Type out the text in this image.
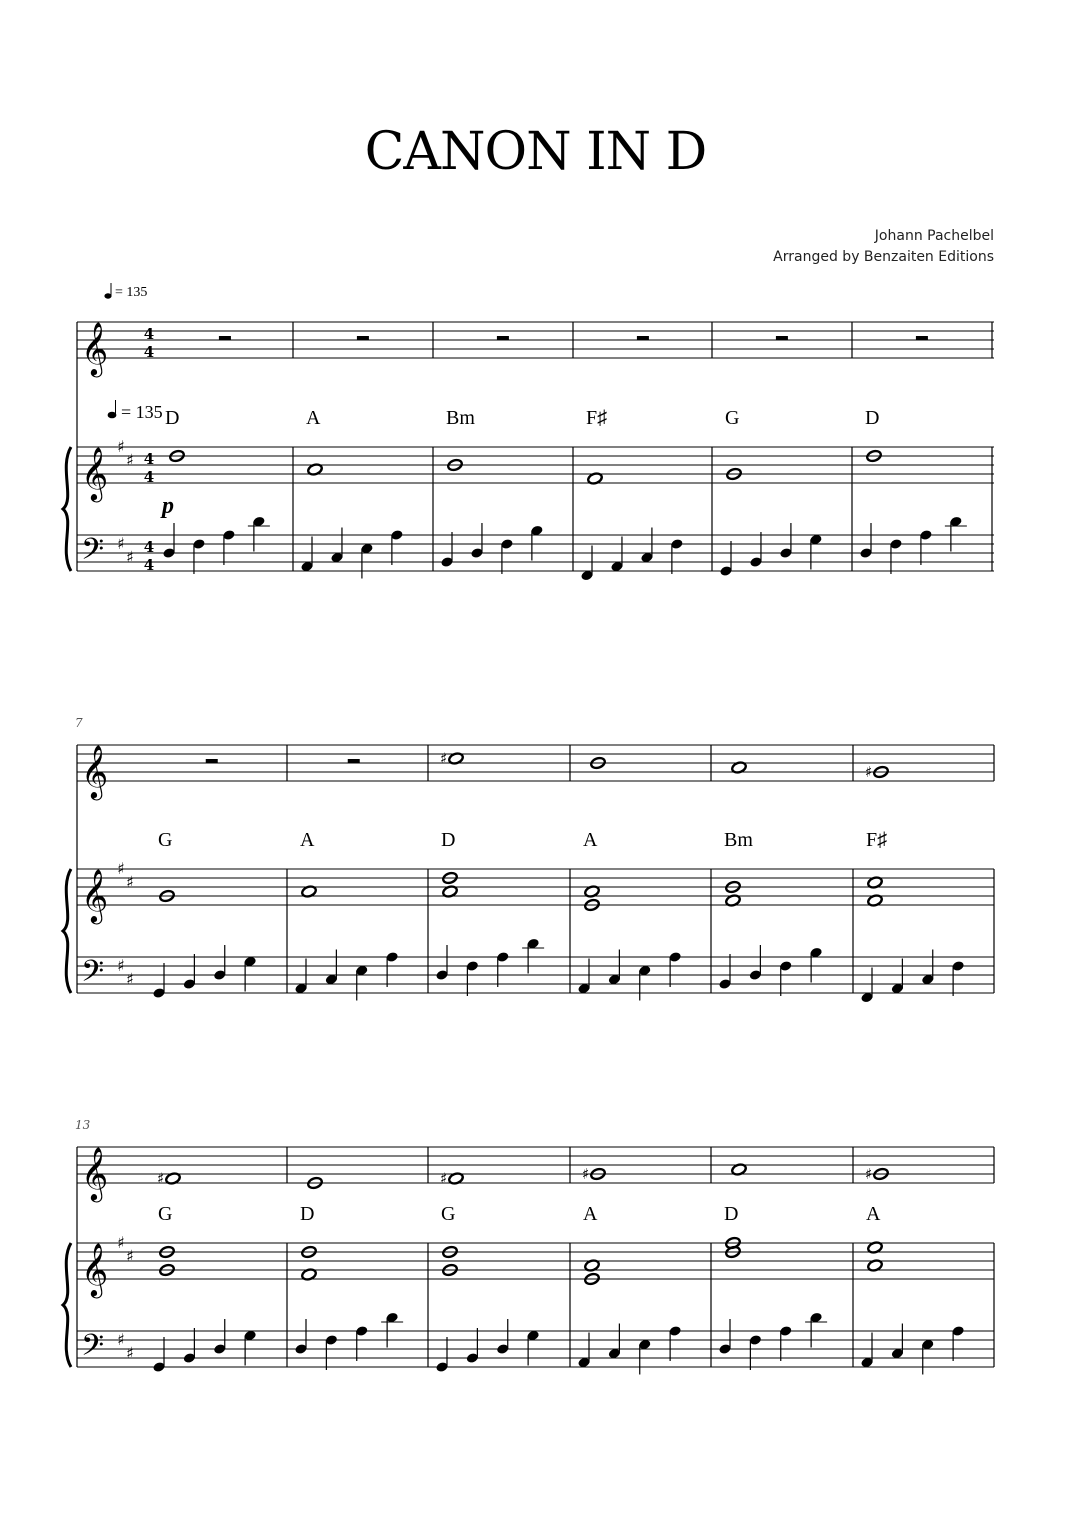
CANON IN D
Johann Pachelbel
Arranged by Benzaiten Editions
𝄞
𝄞
𝄢
♯
♯
♯
♯
4
4
4
4
4
4
= 135
= 135
p
D	A	Bm	F♯	G	D
𝄞
𝄞
𝄢
♯
♯
♯
♯
7
G	A	D	A	Bm	F♯
♯
♯
𝄞
𝄞
𝄢
♯
♯
♯
♯
13
G	D	G	A	D	A
♯	♯	♯	♯
